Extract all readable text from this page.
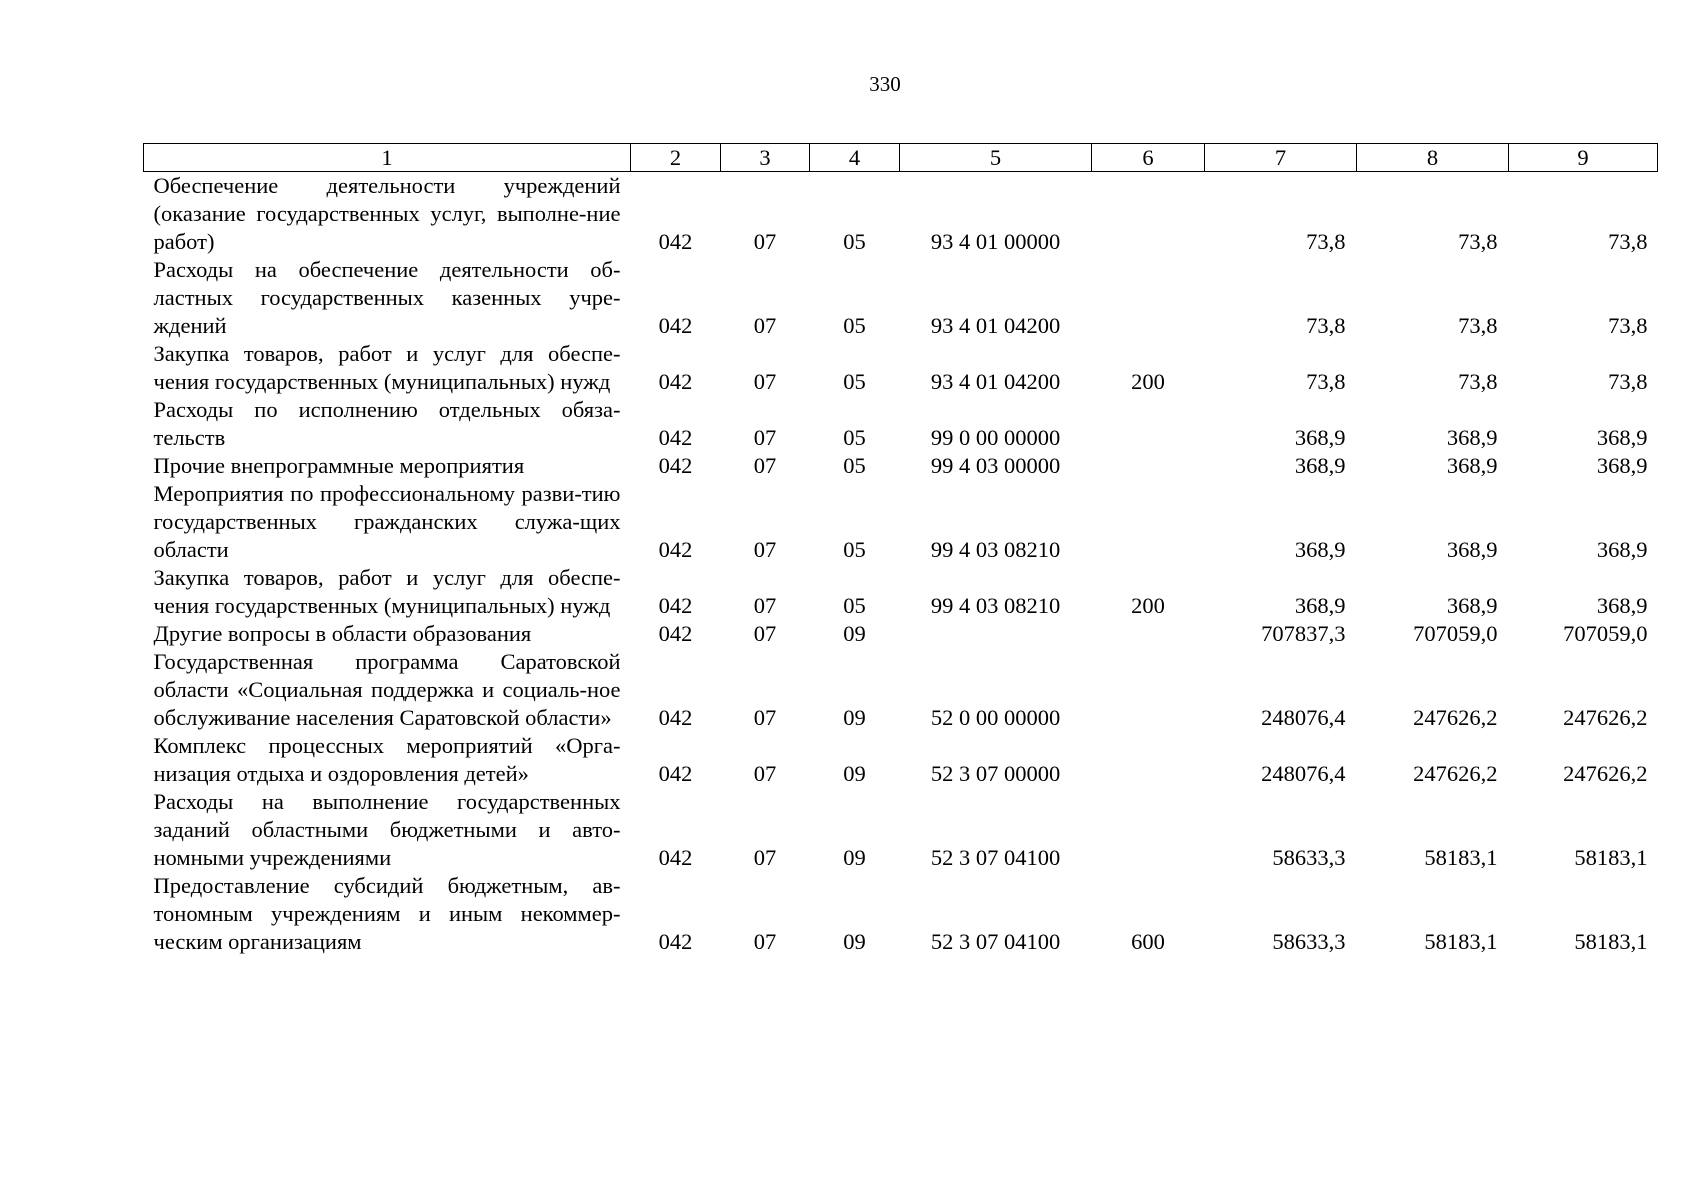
330
1	2	3	4	5	6	7	8	9
Обеспечение деятельности учреждений (оказание государственных услуг, выполне-ние работ)	042	07	05	93 4 01 00000		73,8	73,8	73,8
Расходы на обеспечение деятельности об-ластных государственных казенных учре-ждений	042	07	05	93 4 01 04200		73,8	73,8	73,8
Закупка товаров, работ и услуг для обеспе-чения государственных (муниципальных) нужд	042	07	05	93 4 01 04200	200	73,8	73,8	73,8
Расходы по исполнению отдельных обяза-тельств	042	07	05	99 0 00 00000		368,9	368,9	368,9
Прочие внепрограммные мероприятия	042	07	05	99 4 03 00000		368,9	368,9	368,9
Мероприятия по профессиональному разви-тию государственных гражданских служа-щих области	042	07	05	99 4 03 08210		368,9	368,9	368,9
Закупка товаров, работ и услуг для обеспе-чения государственных (муниципальных) нужд	042	07	05	99 4 03 08210	200	368,9	368,9	368,9
Другие вопросы в области образования	042	07	09			707837,3	707059,0	707059,0
Государственная программа Саратовской области «Социальная поддержка и социаль-ное обслуживание населения Саратовской области»	042	07	09	52 0 00 00000		248076,4	247626,2	247626,2
Комплекс процессных мероприятий «Орга-низация отдыха и оздоровления детей»	042	07	09	52 3 07 00000		248076,4	247626,2	247626,2
Расходы на выполнение государственных заданий областными бюджетными и авто-номными учреждениями	042	07	09	52 3 07 04100		58633,3	58183,1	58183,1
Предоставление субсидий бюджетным, ав-тономным учреждениям и иным некоммер-ческим организациям	042	07	09	52 3 07 04100	600	58633,3	58183,1	58183,1
